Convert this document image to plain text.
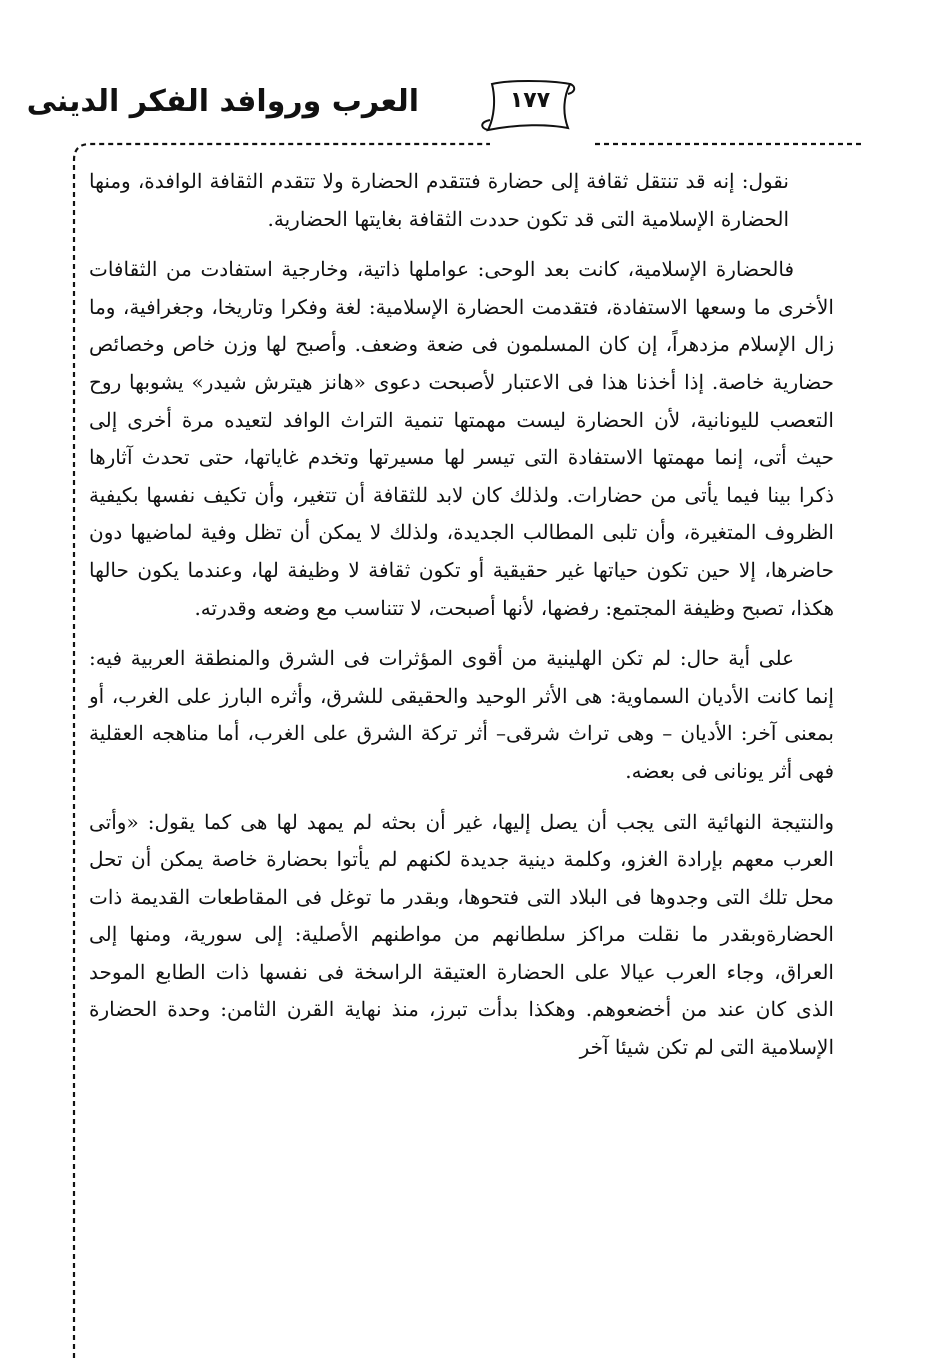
١٧٧
العرب وروافد الفكر الدينى

نقول: إنه قد تنتقل ثقافة إلى حضارة فتتقدم الحضارة ولا تتقدم الثقافة الوافدة، ومنها الحضارة الإسلامية التى قد تكون حددت الثقافة بغايتها الحضارية.

فالحضارة الإسلامية، كانت بعد الوحى: عواملها ذاتية، وخارجية استفادت من الثقافات الأخرى ما وسعها الاستفادة، فتقدمت الحضارة الإسلامية: لغة وفكرا وتاريخا، وجغرافية، وما زال الإسلام مزدهراً، إن كان المسلمون فى ضعة وضعف. وأصبح لها وزن خاص وخصائص حضارية خاصة. إذا أخذنا هذا فى الاعتبار لأصبحت دعوى «هانز هيترش شيدر» يشوبها روح التعصب لليونانية، لأن الحضارة ليست مهمتها تنمية التراث الوافد لتعيده مرة أخرى إلى حيث أتى، إنما مهمتها الاستفادة التى تيسر لها مسيرتها وتخدم غاياتها، حتى تحدث آثارها ذكرا بينا فيما يأتى من حضارات. ولذلك كان لابد للثقافة أن تتغير، وأن تكيف نفسها بكيفية الظروف المتغيرة، وأن تلبى المطالب الجديدة، ولذلك لا يمكن أن تظل وفية لماضيها دون حاضرها، إلا حين تكون حياتها غير حقيقية أو تكون ثقافة لا وظيفة لها، وعندما يكون حالها هكذا، تصبح وظيفة المجتمع: رفضها، لأنها أصبحت، لا تتناسب مع وضعه وقدرته.

على أية حال: لم تكن الهلينية من أقوى المؤثرات فى الشرق والمنطقة العربية فيه: إنما كانت الأديان السماوية: هى الأثر الوحيد والحقيقى للشرق، وأثره البارز على الغرب، أو بمعنى آخر: الأديان – وهى تراث شرقى– أثر تركة الشرق على الغرب، أما مناهجه العقلية فهى أثر يونانى فى بعضه.

والنتيجة النهائية التى يجب أن يصل إليها، غير أن بحثه لم يمهد لها هى كما يقول: «وأتى العرب معهم بإرادة الغزو، وكلمة دينية جديدة لكنهم لم يأتوا بحضارة خاصة يمكن أن تحل محل تلك التى وجدوها فى البلاد التى فتحوها، وبقدر ما توغل فى المقاطعات القديمة ذات الحضارةوبقدر ما نقلت مراكز سلطانهم من مواطنهم الأصلية: إلى سورية، ومنها إلى العراق، وجاء العرب عيالا على الحضارة العتيقة الراسخة فى نفسها ذات الطابع الموحد الذى كان عند من أخضعوهم. وهكذا بدأت تبرز، منذ نهاية القرن الثامن: وحدة الحضارة الإسلامية التى لم تكن شيئا آخر
